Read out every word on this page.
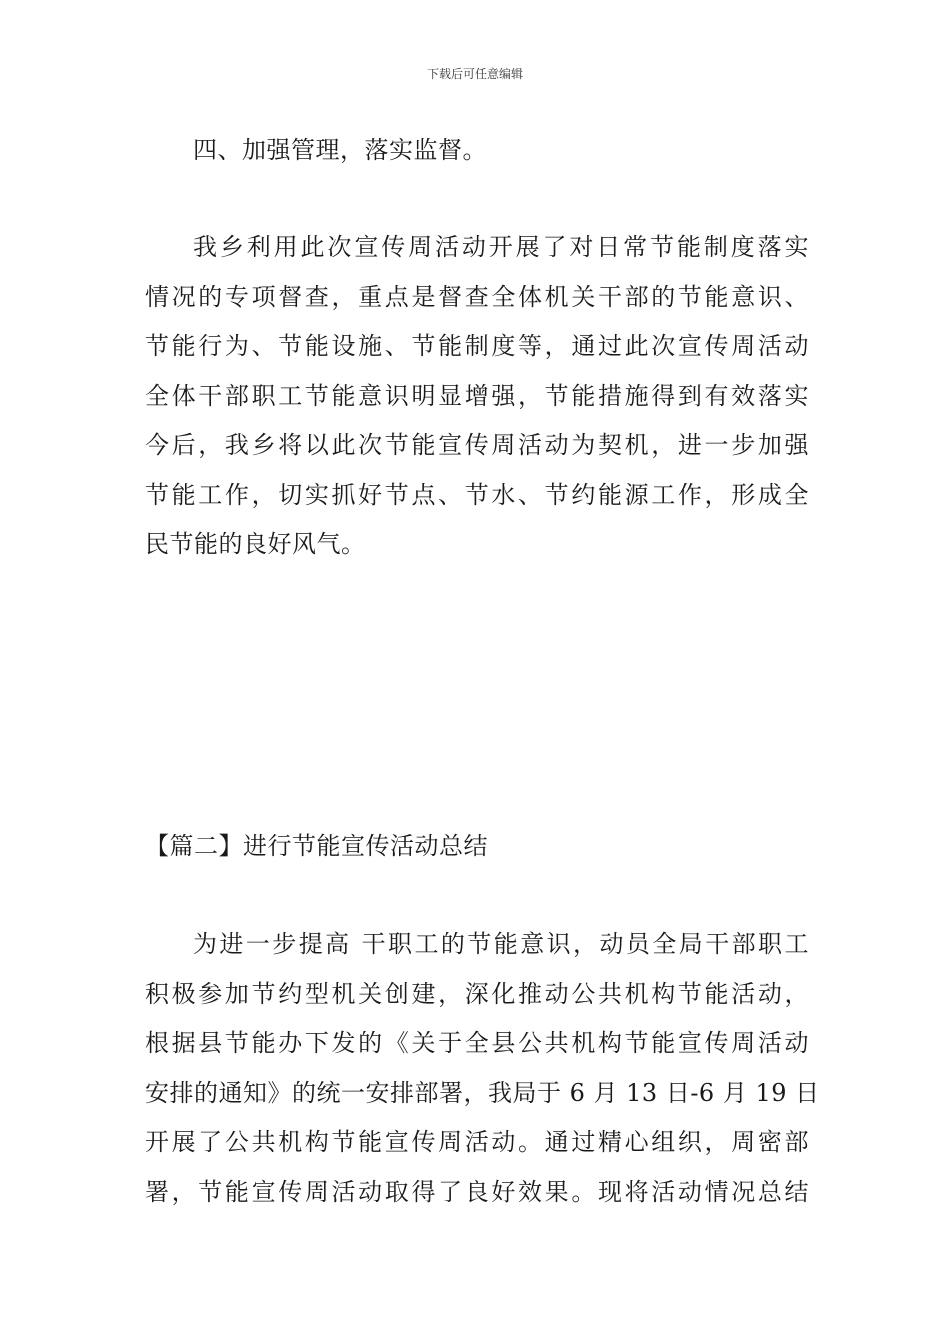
下载后可任意编辑
四、加强管理，落实监督。
我乡利用此次宣传周活动开展了对日常节能制度落实
情况的专项督查，重点是督查全体机关干部的节能意识、
节能行为、节能设施、节能制度等，通过此次宣传周活动
全体干部职工节能意识明显增强，节能措施得到有效落实
今后，我乡将以此次节能宣传周活动为契机，进一步加强
节能工作，切实抓好节点、节水、节约能源工作，形成全
民节能的良好风气。
【篇二】进行节能宣传活动总结
为进一步提高 干职工的节能意识，动员全局干部职工
积极参加节约型机关创建，深化推动公共机构节能活动，
根据县节能办下发的《关于全县公共机构节能宣传周活动
安排的通知》的统一安排部署，我局于 6 月 13 日-6 月 19 日
开展了公共机构节能宣传周活动。通过精心组织，周密部
署，节能宣传周活动取得了良好效果。现将活动情况总结
